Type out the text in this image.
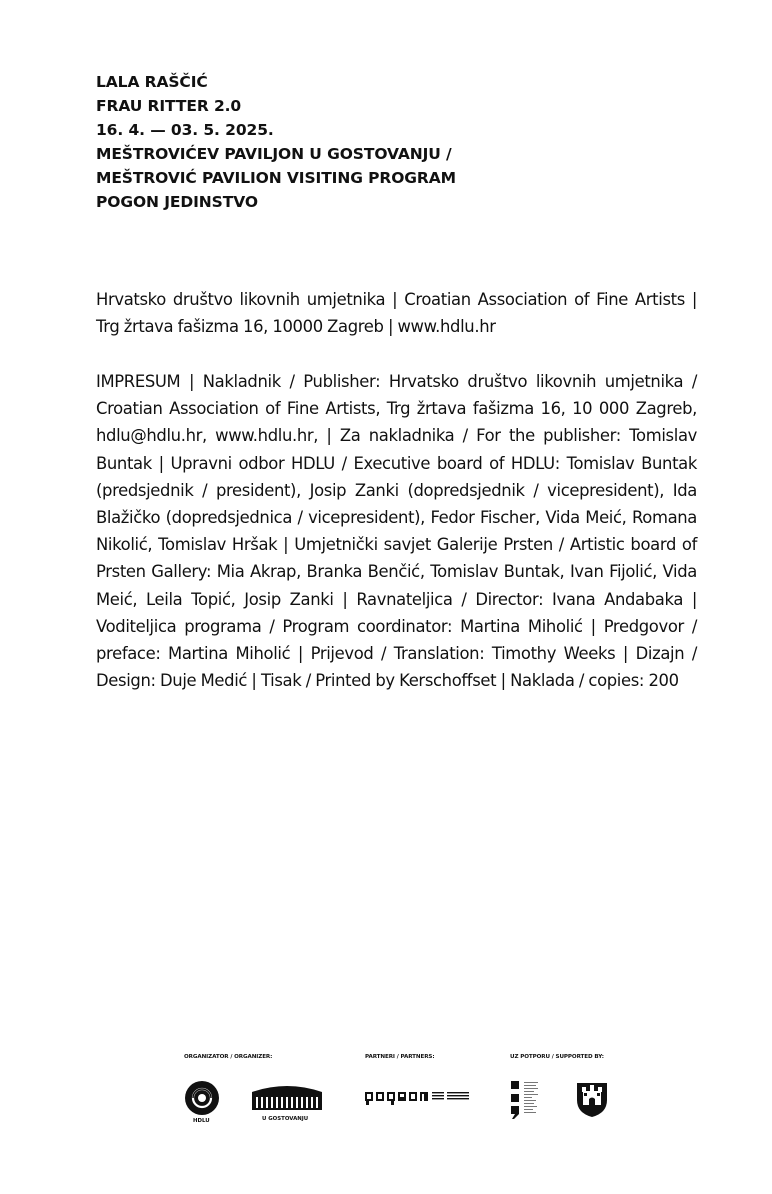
LALA RAŠČIĆ
FRAU RITTER 2.0
16. 4. — 03. 5. 2025.
MEŠTROVIĆEV PAVILJON U GOSTOVANJU /
MEŠTROVIĆ PAVILION VISITING PROGRAM
POGON JEDINSTVO

Hrvatsko društvo likovnih umjetnika | Croatian Association of Fine Artists | Trg žrtava fašizma 16, 10000 Zagreb | www.hdlu.hr

IMPRESUM | Nakladnik / Publisher: Hrvatsko društvo likovnih umjetnika / Croatian Association of Fine Artists, Trg žrtava fašizma 16, 10 000 Zagreb, hdlu@hdlu.hr, www.hdlu.hr, | Za nakladnika / For the publisher: Tomislav Buntak | Upravni odbor HDLU / Executive board of HDLU: Tomislav Buntak (predsjednik / president), Josip Zanki (dopredsjednik / vicepresident), Ida Blažičko (dopredsjednica / vicepresident), Fedor Fischer, Vida Meić, Romana Nikolić, Tomislav Hršak | Umjetnički savjet Galerije Prsten / Artistic board of Prsten Gallery: Mia Akrap, Branka Benčić, Tomislav Buntak, Ivan Fijolić, Vida Meić, Leila Topić, Josip Zanki | Ravnateljica / Director: Ivana Andabaka | Voditeljica programa / Program coordinator: Martina Miholić | Predgovor / preface: Martina Miholić | Prijevod / Translation: Timothy Weeks | Dizajn / Design: Duje Medić | Tisak / Printed by Kerschoffset | Naklada / copies: 200

ORGANIZATOR / ORGANIZER:	PARTNERI / PARTNERS:	UZ POTPORU / SUPPORTED BY:
HDLU	U GOSTOVANJU
